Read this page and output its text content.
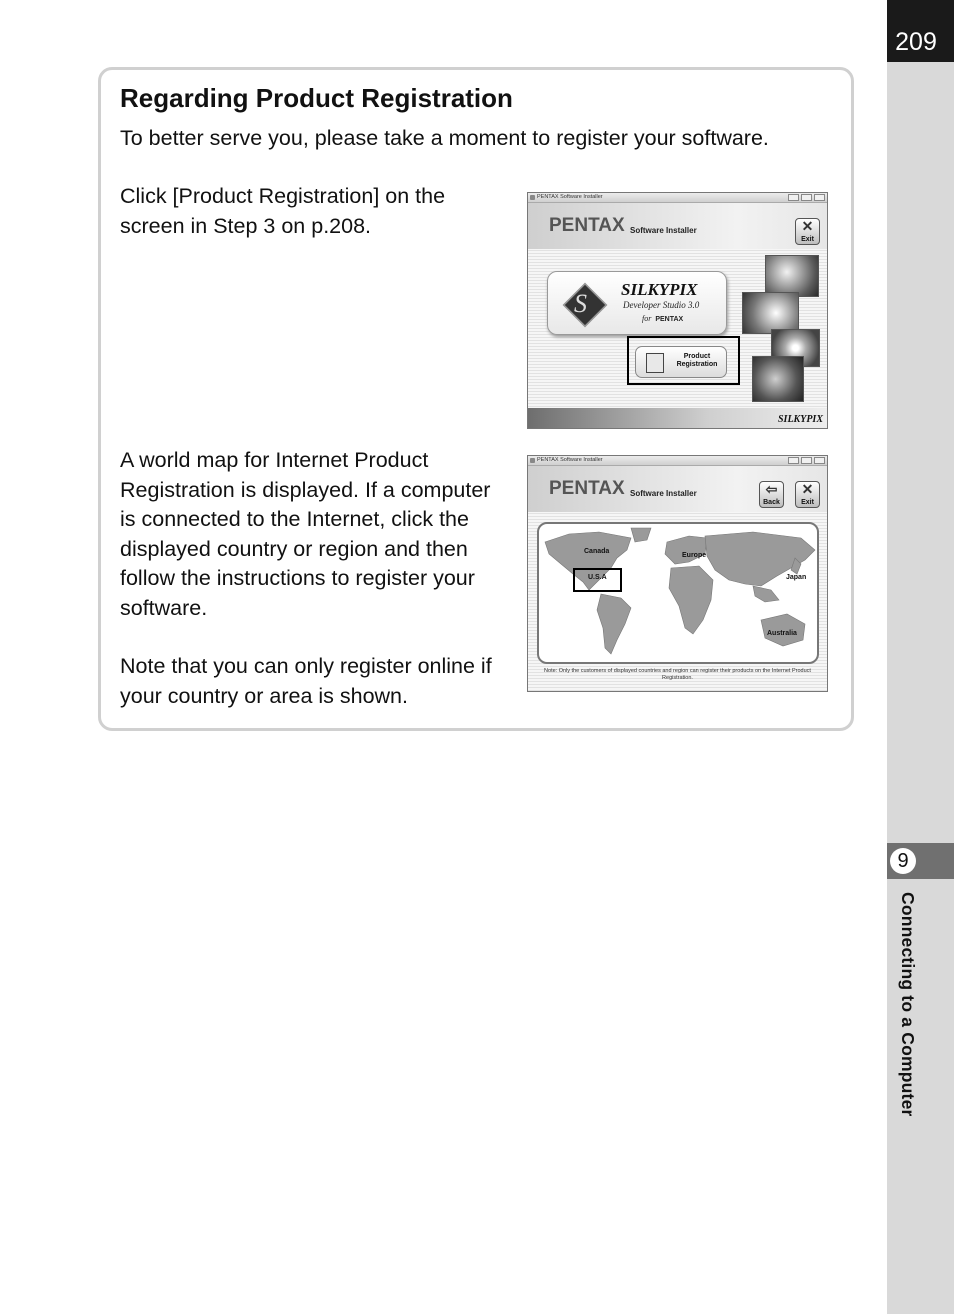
209
9
Connecting to a Computer
Regarding Product Registration

To better serve you, please take a moment to register your software.

Click [Product Registration] on the screen in Step 3 on p.208.

A world map for Internet Product Registration is displayed. If a computer is connected to the Internet, click the displayed country or region and then follow the instructions to register your software.

Note that you can only register online if your country or area is shown.

PENTAX Software Installer
PENTAX Software Installer	✕
Exit
S SILKYPIX
Developer Studio 3.0
for PENTAX
Product Registration
SILKYPIX
PENTAX Software Installer
PENTAX Software Installer	⇦
Back
✕
Exit
Canada
Europe
U.S.A	Japan
Australia
Note: Only the customers of displayed countries and region can register their products on the Internet Product Registration.
